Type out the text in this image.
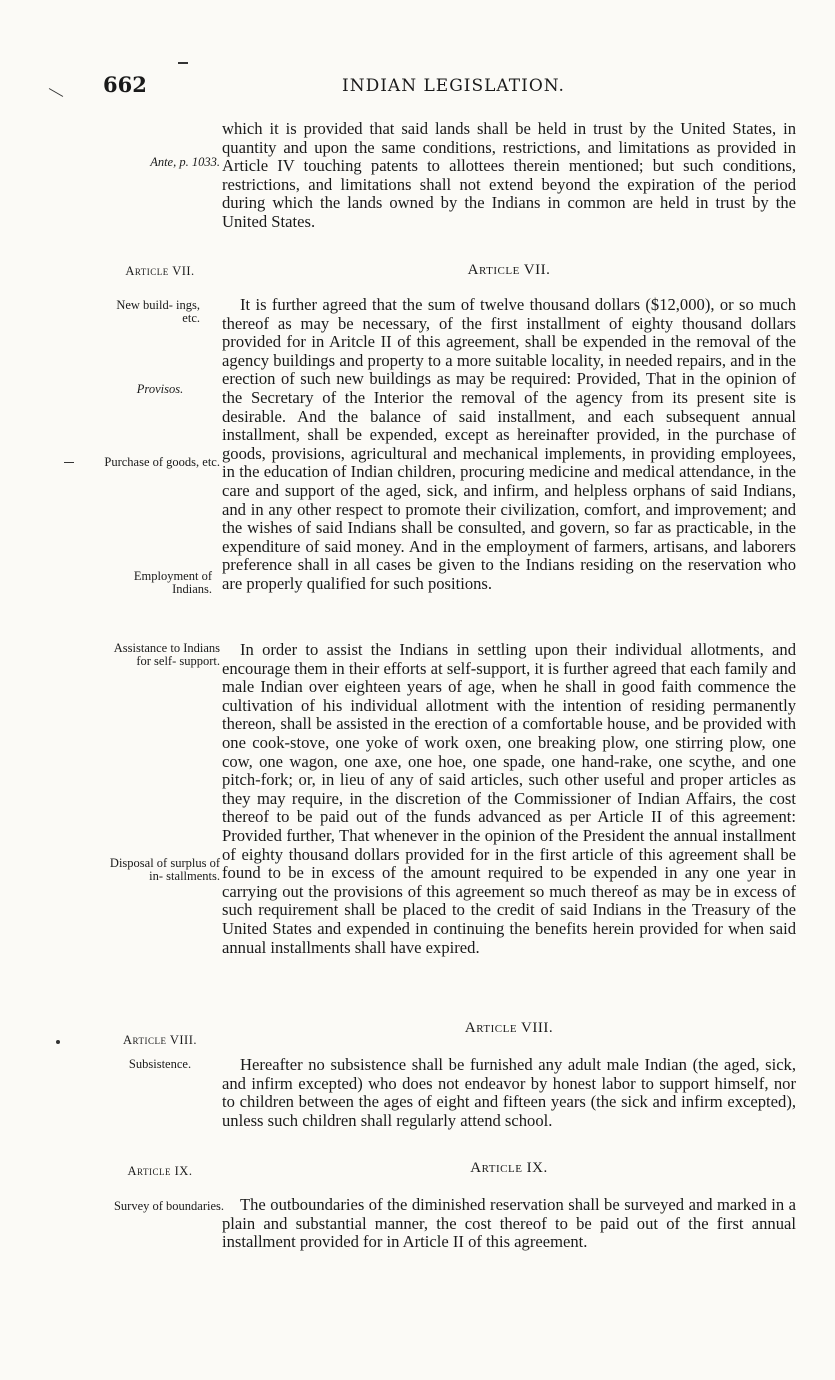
662	INDIAN LEGISLATION.
Ante, p. 1033.
Article VII.
New build- ings, etc.
Provisos.
Purchase of goods, etc.
Employment of Indians.
Assistance to Indians for self- support.
Disposal of surplus of in- stallments.
Article VIII.
Subsistence.
Article IX.
Survey of boundaries.

which it is provided that said lands shall be held in trust by the United States, in quantity and upon the same conditions, restrictions, and limitations as provided in Article IV touching patents to allottees therein mentioned; but such conditions, restrictions, and limitations shall not extend beyond the expiration of the period during which the lands owned by the Indians in common are held in trust by the United States.

Article VII.

It is further agreed that the sum of twelve thousand dollars ($12,000), or so much thereof as may be necessary, of the first installment of eighty thousand dollars provided for in Aritcle II of this agreement, shall be expended in the removal of the agency buildings and property to a more suitable locality, in needed repairs, and in the erection of such new buildings as may be required: Provided, That in the opinion of the Secretary of the Interior the removal of the agency from its present site is desirable. And the balance of said installment, and each subsequent annual installment, shall be expended, except as hereinafter provided, in the purchase of goods, provisions, agricultural and mechanical implements, in providing employees, in the education of Indian children, procuring medicine and medical attendance, in the care and support of the aged, sick, and infirm, and helpless orphans of said Indians, and in any other respect to promote their civilization, comfort, and improvement; and the wishes of said Indians shall be consulted, and govern, so far as practicable, in the expenditure of said money. And in the employment of farmers, artisans, and laborers preference shall in all cases be given to the Indians residing on the reservation who are properly qualified for such positions.

In order to assist the Indians in settling upon their individual allotments, and encourage them in their efforts at self-support, it is further agreed that each family and male Indian over eighteen years of age, when he shall in good faith commence the cultivation of his individual allotment with the intention of residing permanently thereon, shall be assisted in the erection of a comfortable house, and be provided with one cook-stove, one yoke of work oxen, one breaking plow, one stirring plow, one cow, one wagon, one axe, one hoe, one spade, one hand-rake, one scythe, and one pitch-fork; or, in lieu of any of said articles, such other useful and proper articles as they may require, in the discretion of the Commissioner of Indian Affairs, the cost thereof to be paid out of the funds advanced as per Article II of this agreement: Provided further, That whenever in the opinion of the President the annual installment of eighty thousand dollars provided for in the first article of this agreement shall be found to be in excess of the amount required to be expended in any one year in carrying out the provisions of this agreement so much thereof as may be in excess of such requirement shall be placed to the credit of said Indians in the Treasury of the United States and expended in continuing the benefits herein provided for when said annual installments shall have expired.

Article VIII.

Hereafter no subsistence shall be furnished any adult male Indian (the aged, sick, and infirm excepted) who does not endeavor by honest labor to support himself, nor to children between the ages of eight and fifteen years (the sick and infirm excepted), unless such children shall regularly attend school.

Article IX.

The outboundaries of the diminished reservation shall be surveyed and marked in a plain and substantial manner, the cost thereof to be paid out of the first annual installment provided for in Article II of this agreement.
